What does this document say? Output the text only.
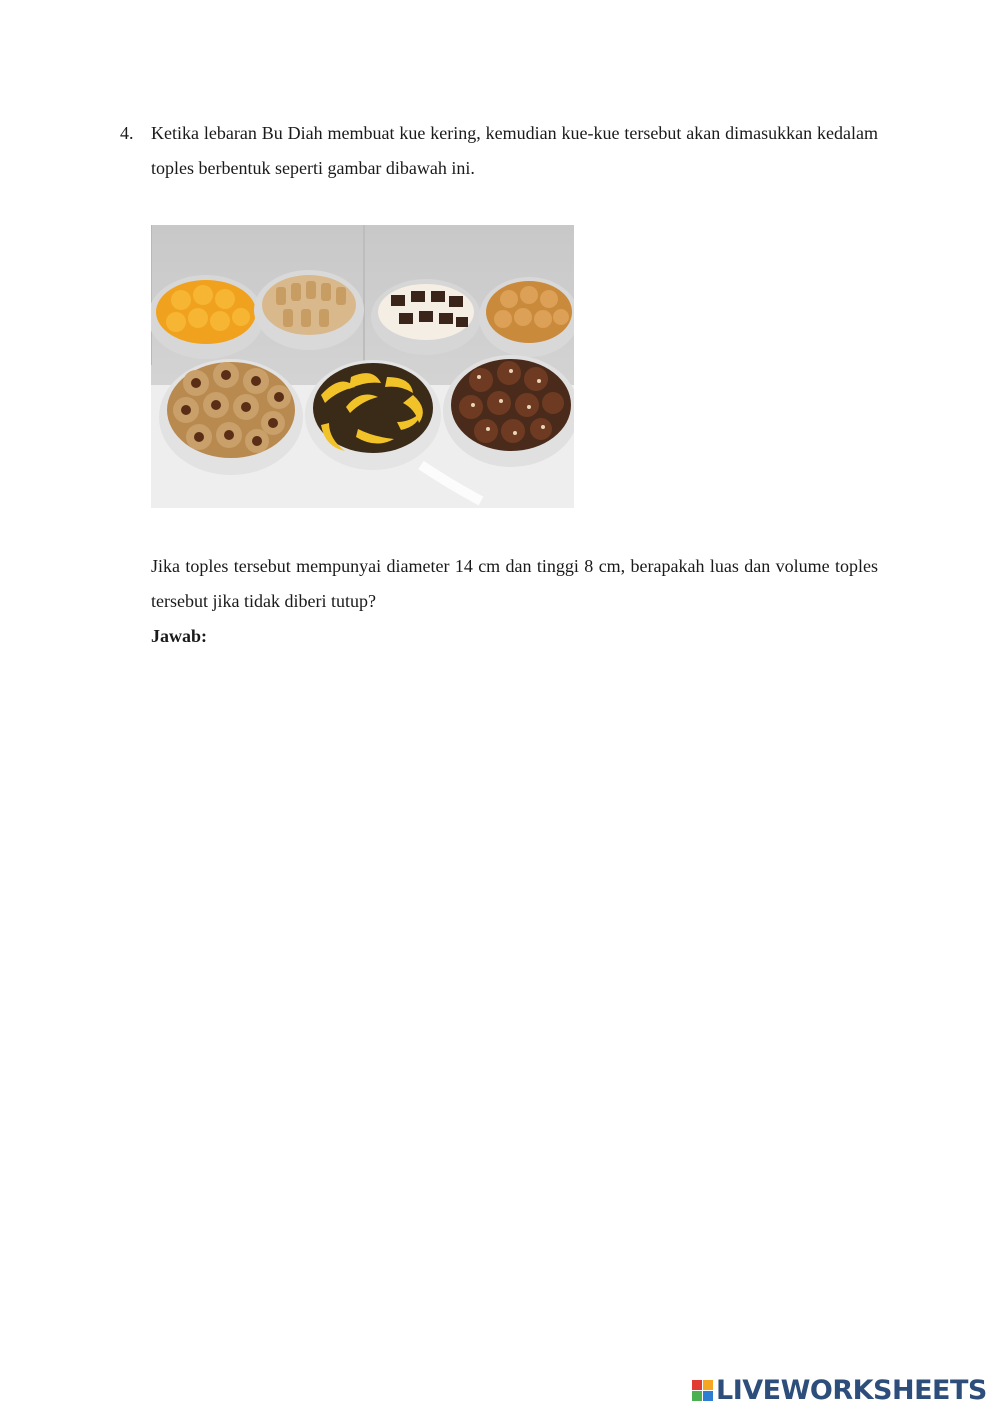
4. Ketika lebaran Bu Diah membuat kue kering, kemudian kue-kue tersebut akan dimasukkan kedalam toples berbentuk seperti gambar dibawah ini.
Jika toples tersebut mempunyai diameter 14 cm dan tinggi 8 cm, berapakah luas dan volume toples tersebut jika tidak diberi tutup?
Jawab:
LIVEWORKSHEETS
